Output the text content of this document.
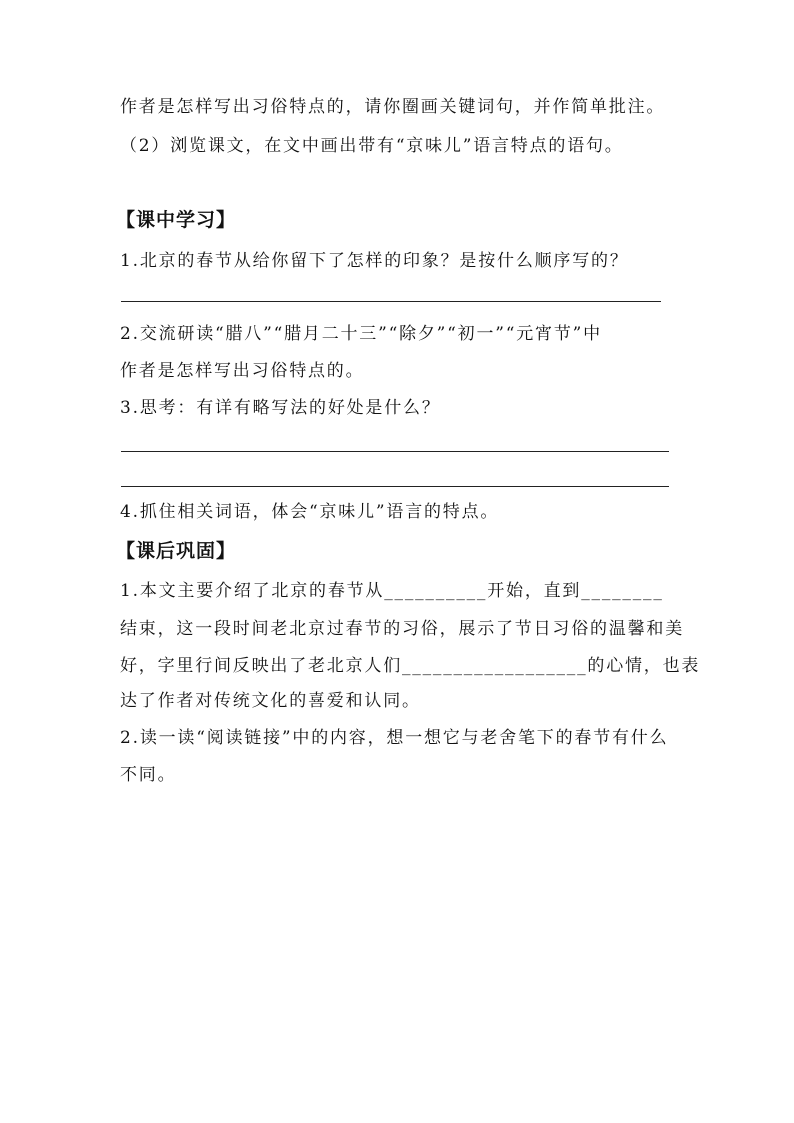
作者是怎样写出习俗特点的，请你圈画关键词句，并作简单批注。
（2）浏览课文，在文中画出带有“京味儿”语言特点的语句。
【课中学习】
1.北京的春节从给你留下了怎样的印象？是按什么顺序写的？
2.交流研读“腊八”“腊月二十三”“除夕”“初一”“元宵节”中
作者是怎样写出习俗特点的。
3.思考：有详有略写法的好处是什么？
4.抓住相关词语，体会“京味儿”语言的特点。
【课后巩固】
1.本文主要介绍了北京的春节从__________开始，直到________
结束，这一段时间老北京过春节的习俗，展示了节日习俗的温馨和美
好，字里行间反映出了老北京人们__________________的心情，也表
达了作者对传统文化的喜爱和认同。
2.读一读“阅读链接”中的内容，想一想它与老舍笔下的春节有什么
不同。
